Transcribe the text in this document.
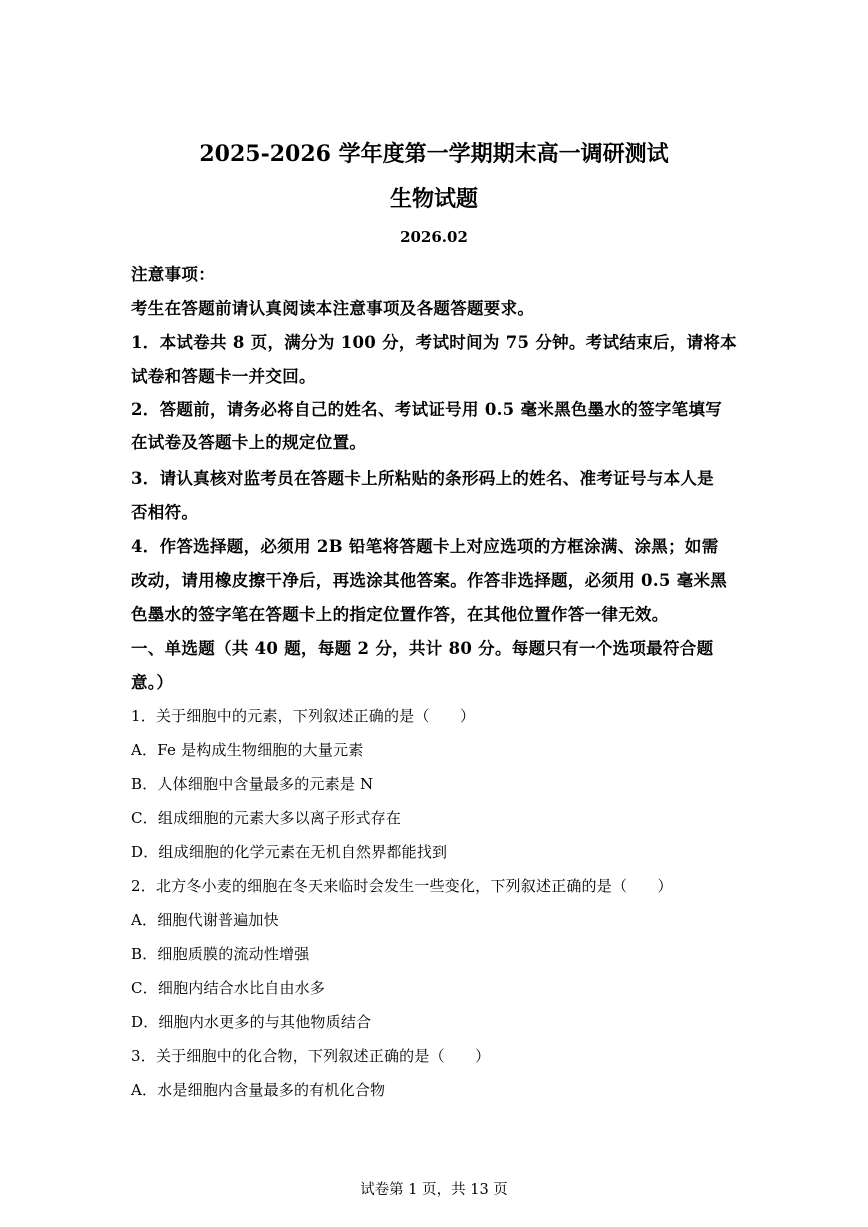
2025-2026 学年度第一学期期末高一调研测试
生物试题
2026.02
注意事项：
考生在答题前请认真阅读本注意事项及各题答题要求。
1．本试卷共 8 页，满分为 100 分，考试时间为 75 分钟。考试结束后，请将本
试卷和答题卡一并交回。
2．答题前，请务必将自己的姓名、考试证号用 0.5 毫米黑色墨水的签字笔填写
在试卷及答题卡上的规定位置。
3．请认真核对监考员在答题卡上所粘贴的条形码上的姓名、准考证号与本人是
否相符。
4．作答选择题，必须用 2B 铅笔将答题卡上对应选项的方框涂满、涂黑；如需
改动，请用橡皮擦干净后，再选涂其他答案。作答非选择题，必须用 0.5 毫米黑
色墨水的签字笔在答题卡上的指定位置作答，在其他位置作答一律无效。
一、单选题（共 40 题，每题 2 分，共计 80 分。每题只有一个选项最符合题
意。）
1．关于细胞中的元素，下列叙述正确的是（　　）
A．Fe 是构成生物细胞的大量元素
B．人体细胞中含量最多的元素是 N
C．组成细胞的元素大多以离子形式存在
D．组成细胞的化学元素在无机自然界都能找到
2．北方冬小麦的细胞在冬天来临时会发生一些变化，下列叙述正确的是（　　）
A．细胞代谢普遍加快
B．细胞质膜的流动性增强
C．细胞内结合水比自由水多
D．细胞内水更多的与其他物质结合
3．关于细胞中的化合物，下列叙述正确的是（　　）
A．水是细胞内含量最多的有机化合物
试卷第 1 页，共 13 页
